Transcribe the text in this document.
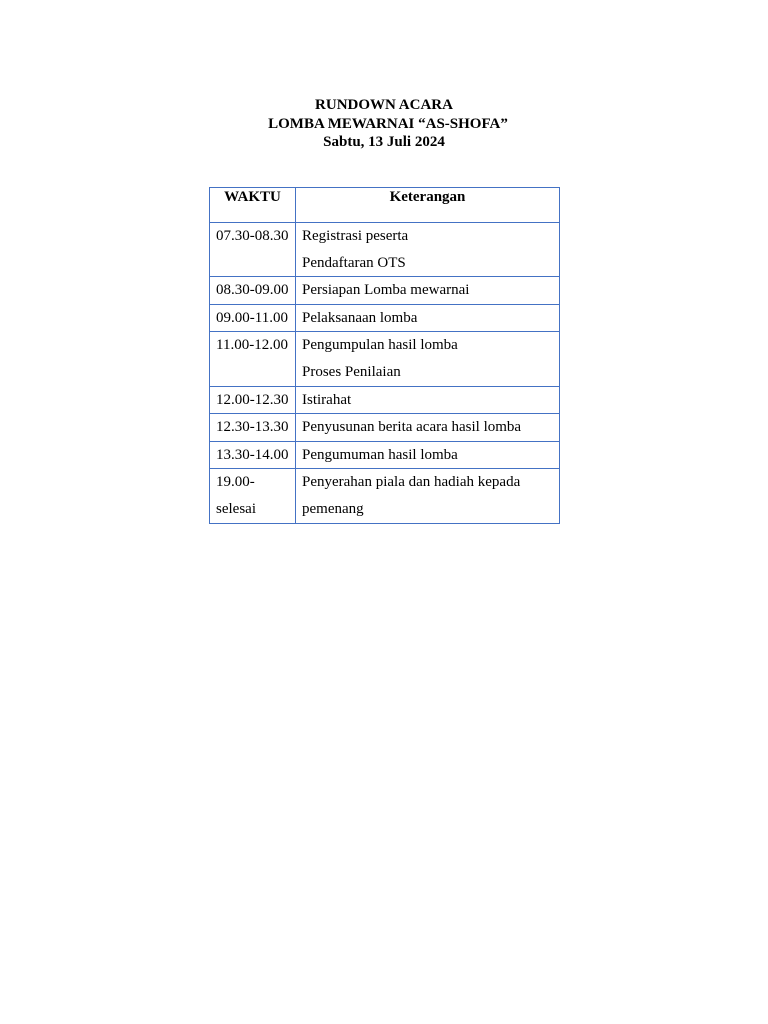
RUNDOWN ACARA
LOMBA MEWARNAI “AS-SHOFA”
Sabtu, 13 Juli 2024
WAKTU	Keterangan
07.30-08.30	Registrasi peserta
Pendaftaran OTS

08.30-09.00	Persiapan Lomba mewarnai

09.00-11.00	Pelaksanaan lomba

11.00-12.00	Pengumpulan hasil lomba
Proses Penilaian

12.00-12.30	Istirahat

12.30-13.30	Penyusunan berita acara hasil lomba

13.30-14.00	Pengumuman hasil lomba

19.00-selesai	Penyerahan piala dan hadiah kepada
pemenang
